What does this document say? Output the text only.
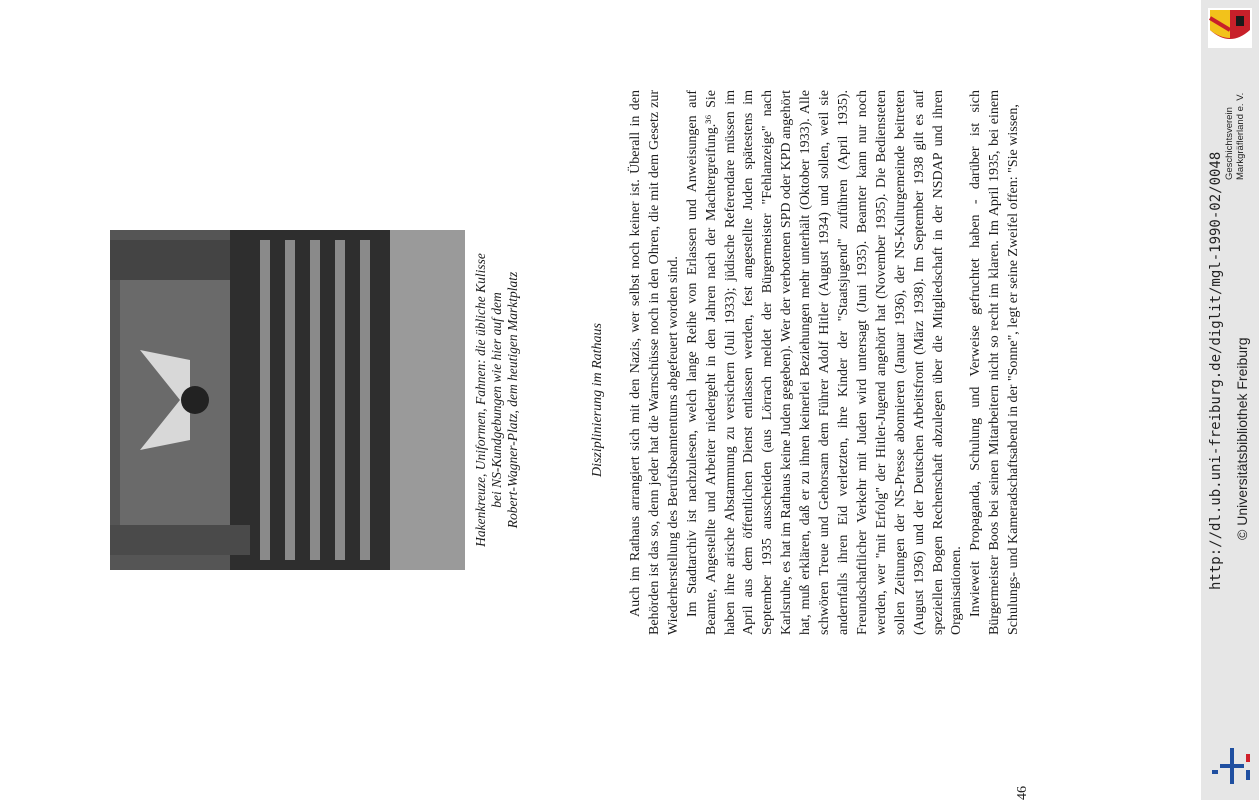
Hakenkreuze, Uniformen, Fahnen: die übliche Kulisse bei NS-Kundgebungen wie hier auf dem Robert-Wagner-Platz, dem heutigen Marktplatz	Disziplinierung im Rathaus Auch im Rathaus arrangiert sich mit den Nazis, wer selbst noch keiner ist. Überall in den Behörden ist das so, denn jeder hat die Warnschüsse noch in den Ohren, die mit dem Gesetz zur Wiederherstellung des Berufsbeamtentums abgefeuert worden sind. Im Stadtarchiv ist nachzulesen, welch lange Reihe von Erlassen und Anweisungen auf Beamte, Angestellte und Arbeiter niedergeht in den Jahren nach der Machtergreifung.³⁶ Sie haben ihre arische Abstammung zu versichern (Juli 1933); jüdische Referendare müssen im April aus dem öffentlichen Dienst entlassen werden, fest angestellte Juden spätestens im September 1935 ausscheiden (aus Lörrach meldet der Bürgermeister "Fehlanzeige" nach Karlsruhe, es hat im Rathaus keine Juden gegeben). Wer der verbotenen SPD oder KPD angehört hat, muß erklären, daß er zu ihnen keinerlei Beziehungen mehr unterhält (Oktober 1933). Alle schwören Treue und Gehorsam dem Führer Adolf Hitler (August 1934) und sollen, weil sie andernfalls ihren Eid verletzten, ihre Kinder der "Staatsjugend" zuführen (April 1935). Freundschaftlicher Verkehr mit Juden wird untersagt (Juni 1935). Beamter kann nur noch werden, wer "mit Erfolg" der Hitler-Jugend angehört hat (November 1935). Die Bediensteten sollen Zeitungen der NS-Presse abonnieren (Januar 1936), der NS-Kulturgemeinde beitreten (August 1936) und der Deutschen Arbeitsfront (März 1938). Im September 1938 gilt es auf speziellen Bogen Rechenschaft abzulegen über die Mitgliedschaft in der NSDAP und ihren Organisationen. Inwieweit Propaganda, Schulung und Verweise gefruchtet haben - darüber ist sich Bürgermeister Boos bei seinen Mitarbeitern nicht so recht im klaren. Im April 1935, bei einem Schulungs- und Kameradschaftsabend in der "Sonne", legt er seine Zweifel offen: "Sie wissen,

46
Geschichtsverein Markgräflerland e. V.
http://dl.ub.uni-freiburg.de/diglit/mgl-1990-02/0048 © Universitätsbibliothek Freiburg
